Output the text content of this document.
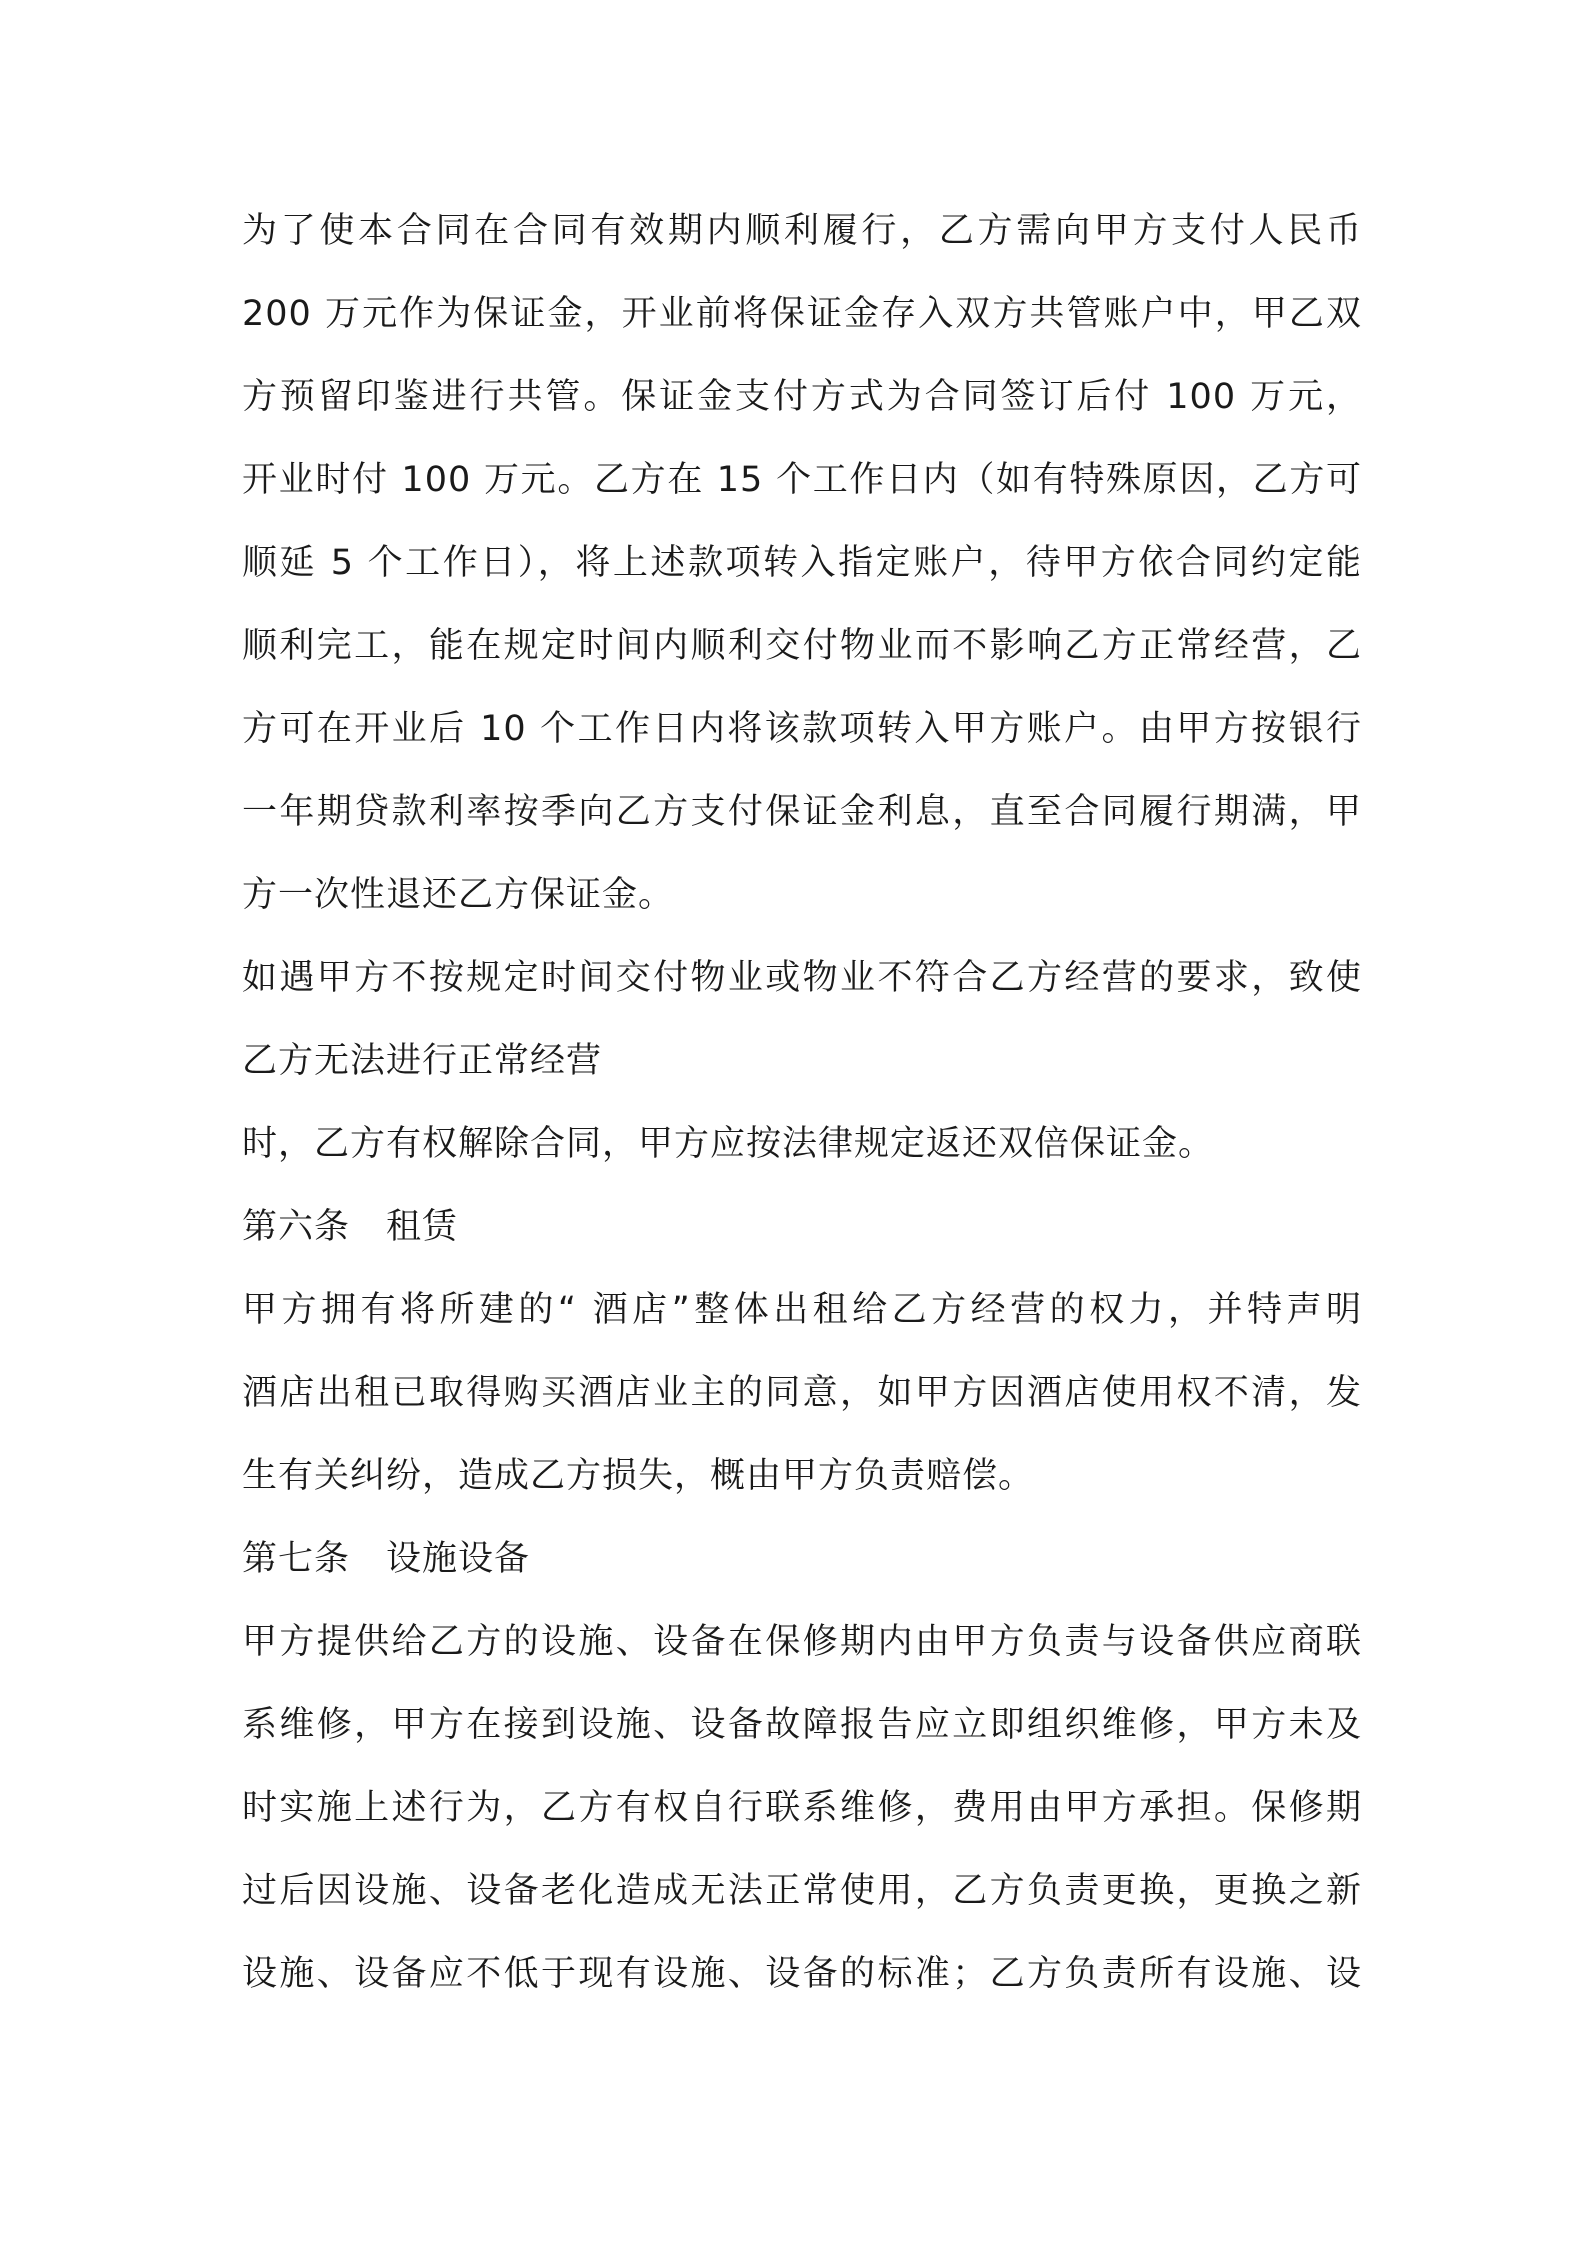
为了使本合同在合同有效期内顺利履行，乙方需向甲方支付人民币
200 万元作为保证金，开业前将保证金存入双方共管账户中，甲乙双
方预留印鉴进行共管。保证金支付方式为合同签订后付 100 万元，
开业时付 100 万元。乙方在 15 个工作日内（如有特殊原因，乙方可
顺延 5 个工作日），将上述款项转入指定账户，待甲方依合同约定能
顺利完工，能在规定时间内顺利交付物业而不影响乙方正常经营，乙
方可在开业后 10 个工作日内将该款项转入甲方账户。由甲方按银行
一年期贷款利率按季向乙方支付保证金利息，直至合同履行期满，甲
方一次性退还乙方保证金。
如遇甲方不按规定时间交付物业或物业不符合乙方经营的要求，致使
乙方无法进行正常经营
时，乙方有权解除合同，甲方应按法律规定返还双倍保证金。
第六条　租赁
甲方拥有将所建的“ 酒店”整体出租给乙方经营的权力，并特声明
酒店出租已取得购买酒店业主的同意，如甲方因酒店使用权不清，发
生有关纠纷，造成乙方损失，概由甲方负责赔偿。
第七条　设施设备
甲方提供给乙方的设施、设备在保修期内由甲方负责与设备供应商联
系维修，甲方在接到设施、设备故障报告应立即组织维修，甲方未及
时实施上述行为，乙方有权自行联系维修，费用由甲方承担。保修期
过后因设施、设备老化造成无法正常使用，乙方负责更换，更换之新
设施、设备应不低于现有设施、设备的标准；乙方负责所有设施、设
